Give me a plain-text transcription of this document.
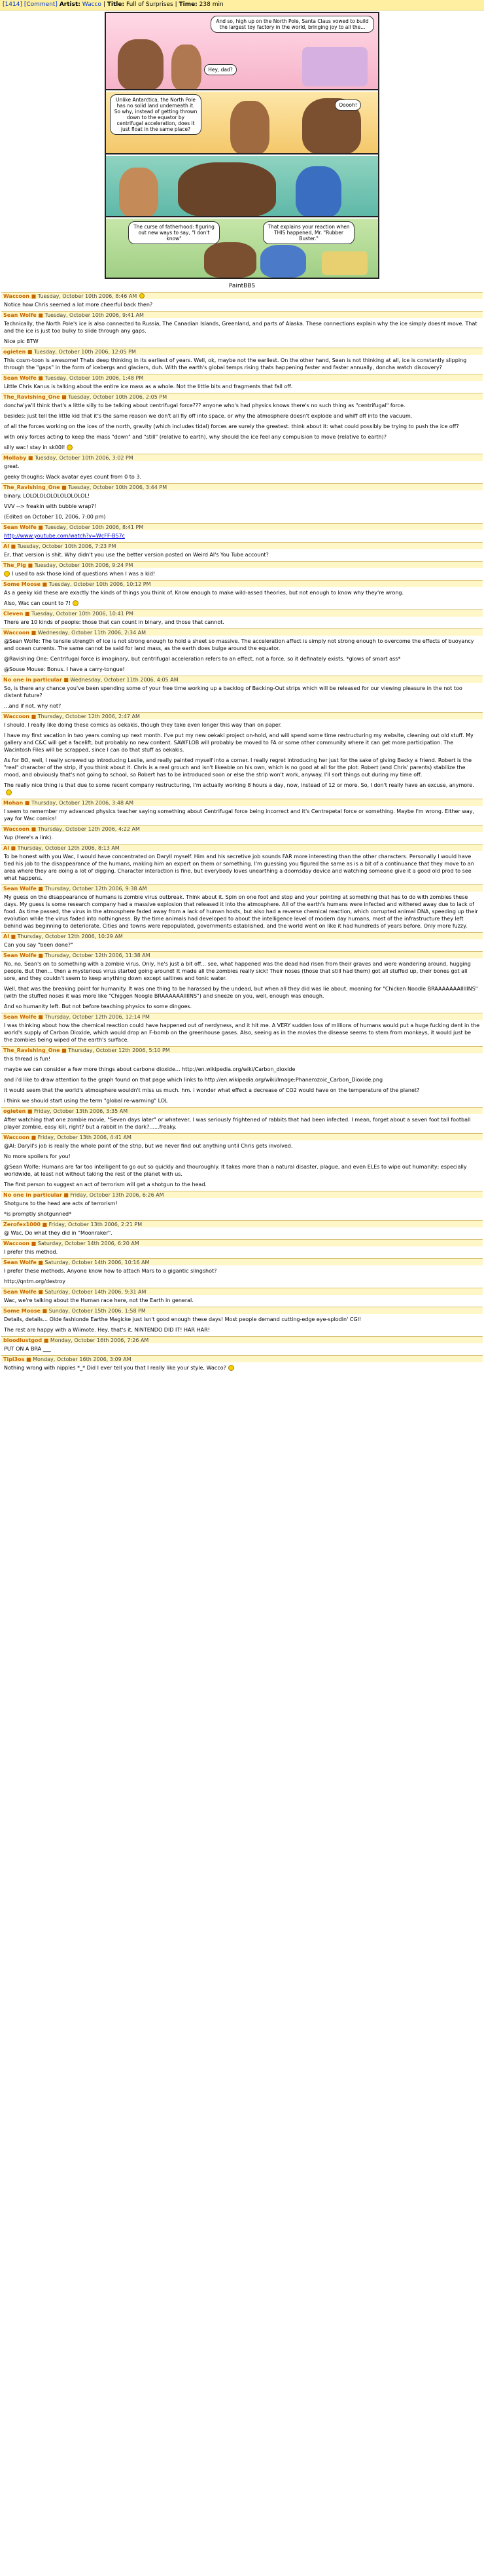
[1414] [Comment] Artist: Wacco | Title: Full of Surprises | Time: 238 min
And so, high up on the North Pole, Santa Claus vowed to build the largest toy factory in the world, bringing joy to all the...
Hey, dad?
Unlike Antarctica, the North Pole has no solid land underneath it. So why, instead of getting thrown down to the equator by centrifugal acceleration, does it just float in the same place?
Ooooh!
The curse of fatherhood: figuring out new ways to say, "I don't know"
That explains your reaction when THIS happened, Mr. "Rubber Buster."
PaintBBS
Waccoon ■ Tuesday, October 10th 2006, 8:46 AM

Notice how Chris seemed a lot more cheerful back then?

Sean Wolfe ■ Tuesday, October 10th 2006, 9:41 AM

Technically, the North Pole's ice is also connected to Russia, The Canadian Islands, Greenland, and parts of Alaska. These connections explain why the ice simply doesnt move. That and the ice is just too bulky to slide through any gaps.

Nice pic BTW

ogieten ■ Tuesday, October 10th 2006, 12:05 PM

This cosm-toon is awesome! Thats deep thinking in its earliest of years. Well, ok, maybe not the earliest. On the other hand, Sean is not thinking at all, ice is constantly slipping through the "gaps" in the form of icebergs and glaciers, duh. With the earth's global temps rising thats happening faster and faster annually, doncha watch discovery?

Sean Wolfe ■ Tuesday, October 10th 2006, 1:48 PM

Little Chris Kanus is talking about the entire ice mass as a whole. Not the little bits and fragments that fall off.

The_Ravishing_One ■ Tuesday, October 10th 2006, 2:05 PM

doncha'ya'll think that's a little silly to be talking about centrifugal force??? anyone who's had physics knows there's no such thing as "centrifugal" force.

besides: just tell the little kid that it's the same reason we don't all fly off into space. or why the atmosphere doesn't explode and whiff off into the vacuum.

of all the forces working on the ices of the north, gravity (which includes tidal) forces are surely the greatest. think about it: what could possibly be trying to push the ice off?

with only forces acting to keep the mass "down" and "still" (relative to earth), why should the ice feel any compulsion to move (relative to earth)?

silly wac! stay in sk00l!

Mollaby ■ Tuesday, October 10th 2006, 3:02 PM

great.

geeky thoughs: Wack avatar eyes count from 0 to 3.

The_Ravishing_One ■ Tuesday, October 10th 2006, 3:44 PM

binary. LOLOLOLOLOLOLOLOLOL!

VVV --> freakin with bubble wrap?!

(Edited on October 10, 2006, 7:00 pm)

Sean Wolfe ■ Tuesday, October 10th 2006, 8:41 PM

http://www.youtube.com/watch?v=WcFF-BS7c

Al ■ Tuesday, October 10th 2006, 7:23 PM

Er, that version is shit. Why didn't you use the better version posted on Weird Al's You Tube account?

The_Pig ■ Tuesday, October 10th 2006, 9:24 PM

I used to ask those kind of questions when I was a kid!

Some Moose ■ Tuesday, October 10th 2006, 10:12 PM

As a geeky kid these are exactly the kinds of things you think of. Know enough to make wild-assed theories, but not enough to know why they're wrong.

Also, Wac can count to 7!

Cleven ■ Tuesday, October 10th 2006, 10:41 PM

There are 10 kinds of people: those that can count in binary, and those that cannot.

Waccoon ■ Wednesday, October 11th 2006, 2:34 AM

@Sean Wolfe: The tensile strength of ice is not strong enough to hold a sheet so massive. The acceleration affect is simply not strong enough to overcome the effects of buoyancy and ocean currents. The same cannot be said for land mass, as the earth does bulge around the equator.

@Ravishing One: Centrifugal force is imaginary, but centrifugal acceleration refers to an effect, not a force, so it definately exists. *glows of smart ass*

@Souse Mouse: Bonus. I have a carry-tongue!

No one in particular ■ Wednesday, October 11th 2006, 4:05 AM

So, is there any chance you've been spending some of your free time working up a backlog of Backing-Out strips which will be released for our viewing pleasure in the not too distant future?

...and if not, why not?

Waccoon ■ Thursday, October 12th 2006, 2:47 AM

I should. I really like doing these comics as oekakis, though they take even longer this way than on paper.

I have my first vacation in two years coming up next month. I've put my new oekaki project on-hold, and will spend some time restructuring my website, cleaning out old stuff. My gallery and C&C will get a facelift, but probably no new content. SAWFLOB will probably be moved to FA or some other community where it can get more participation. The Wacintosh Files will be scrapped, since I can do that stuff as oekakis.

As for BO, well, I really screwed up introducing Leslie, and really painted myself into a corner. I really regret introducing her just for the sake of giving Becky a friend. Robert is the "real" character of the strip, if you think about it. Chris is a real grouch and isn't likeable on his own, which is no good at all for the plot. Robert (and Chris' parents) stabilize the mood, and obviously that's not going to school, so Robert has to be introduced soon or else the strip won't work, anyway. I'll sort things out during my time off.

The really nice thing is that due to some recent company restructuring, I'm actually working 8 hours a day, now, instead of 12 or more. So, I don't really have an excuse, anymore.

Mohan ■ Thursday, October 12th 2006, 3:48 AM

I seem to remember my advanced physics teacher saying something about Centrifugal force being incorrect and it's Centrepetal force or something. Maybe I'm wrong. Either way, yay for Wac comics!

Waccoon ■ Thursday, October 12th 2006, 4:22 AM

Yup (Here's a link).

Al ■ Thursday, October 12th 2006, 8:13 AM

To be honest with you Wac, I would have concentrated on Daryll myself. Him and his secretive job sounds FAR more interesting than the other characters. Personally I would have tied his job to the disappearance of the humans, making him an expert on them or something. I'm guessing you figured the same as is a bit of a continuance that they move to an area where they are doing a lot of digging. Character interaction is fine, but everybody loves unearthing a doomsday device and watching someone give it a good old prod to see what happens.

Sean Wolfe ■ Thursday, October 12th 2006, 9:38 AM

My guess on the disappearance of humans is zombie virus outbreak. Think about it. Spin on one foot and stop and your pointing at something that has to do with zombies these days. My guess is some research company had a massive explosion that released it into the atmosphere. All of the earth's humans were infected and withered away due to lack of food. As time passed, the virus in the atmosphere faded away from a lack of human hosts, but also had a reverse chemical reaction, which corrupted animal DNA, speeding up their evolution while the virus faded into nothingness. By the time animals had developed to about the intelligence level of modern day humans, most of the infrastructure they left behind was beginning to deteriorate. Cities and towns were repopulated, governments established, and the world went on like it had hundreds of years before. Only more fuzzy.

Al ■ Thursday, October 12th 2006, 10:29 AM

Can you say "been done?"

Sean Wolfe ■ Thursday, October 12th 2006, 11:38 AM

No, no, Sean's on to something with a zombie virus. Only, he's just a bit off... see, what happened was the dead had risen from their graves and were wandering around, hugging people. But then... then a mysterious virus started going around! It made all the zombies really sick! Their noses (those that still had them) got all stuffed up, their bones got all sore, and they couldn't seem to keep anything down except saltines and tonic water.

Well, that was the breaking point for humanity. It was one thing to be harassed by the undead, but when all they did was lie about, moaning for "Chicken Noodle BRAAAAAAAIIIIINS" (with the stuffed noses it was more like "Chiggen Noogle BRAAAAAAIIIINS") and sneeze on you, well, enough was enough.

And so humanity left. But not before teaching physics to some dingoes.

Sean Wolfe ■ Thursday, October 12th 2006, 12:14 PM

I was thinking about how the chemical reaction could have happened out of nerdyness, and it hit me. A VERY sudden loss of millions of humans would put a huge fucking dent in the world's supply of Carbon Dioxide, which would drop an F-bomb on the greenhouse gases. Also, seeing as in the movies the disease seems to stem from monkeys, it would just be the zombies being wiped of the earth's surface.

The_Ravishing_One ■ Thursday, October 12th 2006, 5:10 PM

this thread is fun!

maybe we can consider a few more things about carbone dioxide... http://en.wikipedia.org/wiki/Carbon_dioxide

and i'd like to draw attention to the graph found on that page which links to http://en.wikipedia.org/wiki/Image:Phanerozoic_Carbon_Dioxide.png

it would seem that the world's atmosphere wouldn't miss us much. hm. i wonder what effect a decrease of CO2 would have on the temperature of the planet?

i think we should start using the term "global re-warming" LOL

ogieten ■ Friday, October 13th 2006, 3:35 AM

After watching that one zombie movie, "Seven days later" or whatever, I was seriously frightened of rabbits that had been infected. I mean, forget about a seven foot tall football player zombie, easy kill, right? but a rabbit in the dark?......freaky.

Waccoon ■ Friday, October 13th 2006, 4:41 AM

@Al: Daryll's job is really the whole point of the strip, but we never find out anything until Chris gets involved.

No more spoilers for you!

@Sean Wolfe: Humans are far too intelligent to go out so quickly and thouroughly. It takes more than a natural disaster, plague, and even ELEs to wipe out humanity; especially worldwide, at least not without taking the rest of the planet with us.

The first person to suggest an act of terrorism will get a shotgun to the head.

No one in particular ■ Friday, October 13th 2006, 6:26 AM

Shotguns to the head are acts of terrorism!

*is promptly shotgunned*

Zerofex1000 ■ Friday, October 13th 2006, 2:21 PM

@ Wac. Do what they did in "Moonraker".

Waccoon ■ Saturday, October 14th 2006, 6:20 AM

I prefer this method.

Sean Wolfe ■ Saturday, October 14th 2006, 10:16 AM

I prefer these methods. Anyone know how to attach Mars to a gigantic slingshot?

http://qntm.org/destroy

Sean Wolfe ■ Saturday, October 14th 2006, 9:31 AM

Wac, we're talking about the Human race here, not the Earth in general.

Some Moose ■ Sunday, October 15th 2006, 1:58 PM

Details, details... Olde fashionde Earthe Magicke just isn't good enough these days! Most people demand cutting-edge eye-splodin' CGI!

The rest are happy with a Wiimote. Hey, that's it, NINTENDO DID IT! HAR HAR!

bloodlustgod ■ Monday, October 16th 2006, 7:26 AM

PUT ON A BRA ___

Tipi3os ■ Monday, October 16th 2006, 3:09 AM

Nothing wrong with nipples *_* Did I ever tell you that I really like your style, Wacco?
